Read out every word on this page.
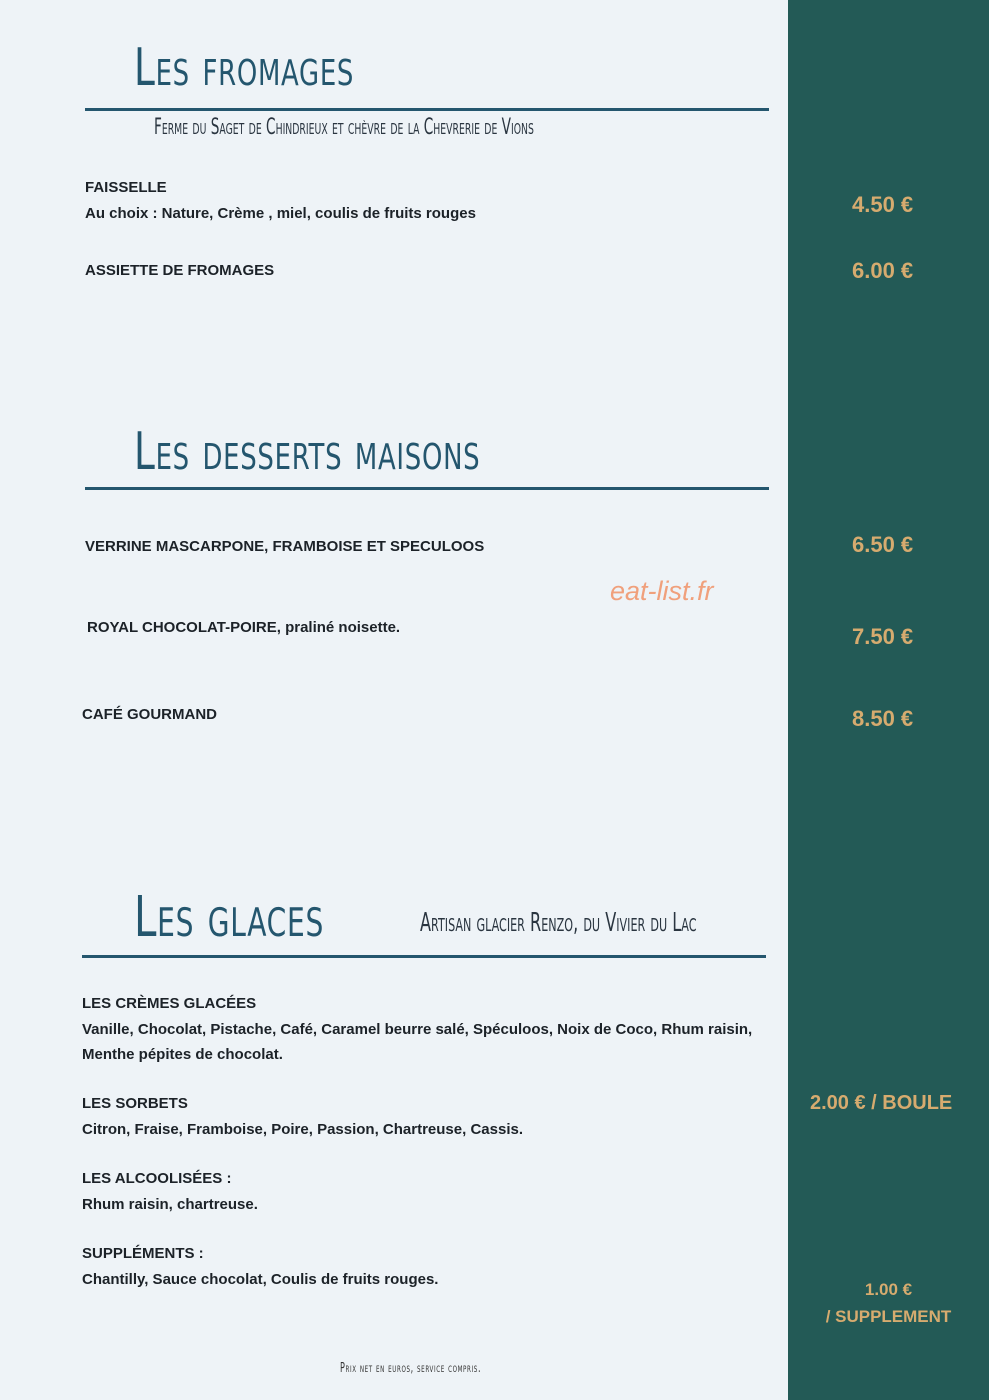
Les fromages
Ferme du Saget de Chindrieux et chèvre de la Chevrerie de Vions
FAISSELLE
Au choix : Nature, Crème , miel, coulis de fruits rouges	4.50 €
ASSIETTE DE FROMAGES	6.00 €
Les desserts maisons
VERRINE MASCARPONE, FRAMBOISE ET SPECULOOS	6.50 €
eat-list.fr
ROYAL CHOCOLAT-POIRE, praliné noisette.	7.50 €
CAFÉ GOURMAND	8.50 €
Les glaces	Artisan glacier Renzo, du Vivier du Lac
LES CRÈMES GLACÉES
Vanille, Chocolat, Pistache, Café, Caramel beurre salé, Spéculoos, Noix de Coco, Rhum raisin, Menthe pépites de chocolat.
LES SORBETS
Citron, Fraise, Framboise, Poire, Passion, Chartreuse, Cassis.
2.00 € / BOULE
LES ALCOOLISÉES :
Rhum raisin, chartreuse.
SUPPLÉMENTS :
Chantilly, Sauce chocolat, Coulis de fruits rouges.
1.00 €
/ SUPPLEMENT
Prix net en euros, service compris.
